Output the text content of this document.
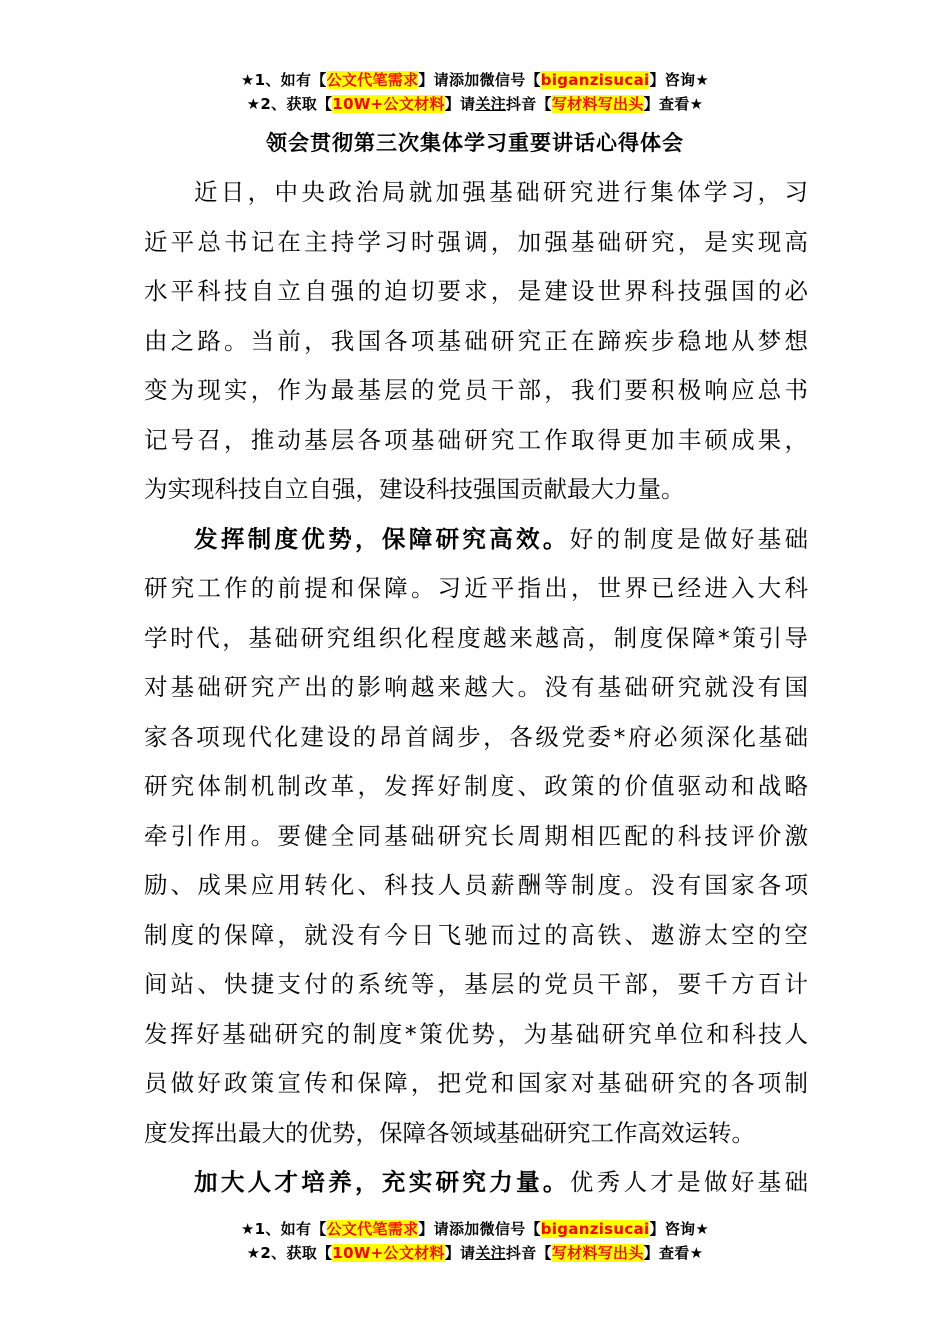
★1、如有【公文代笔需求】请添加微信号【biganzisucai】咨询★
★2、获取【10W+公文材料】请关注抖音【写材料写出头】查看★
领会贯彻第三次集体学习重要讲话心得体会
近日，中央政治局就加强基础研究进行集体学习，习
近平总书记在主持学习时强调，加强基础研究，是实现高
水平科技自立自强的迫切要求，是建设世界科技强国的必
由之路。当前，我国各项基础研究正在蹄疾步稳地从梦想
变为现实，作为最基层的党员干部，我们要积极响应总书
记号召，推动基层各项基础研究工作取得更加丰硕成果，
为实现科技自立自强，建设科技强国贡献最大力量。
发挥制度优势，保障研究高效。好的制度是做好基础
研究工作的前提和保障。习近平指出，世界已经进入大科
学时代，基础研究组织化程度越来越高，制度保障*策引导
对基础研究产出的影响越来越大。没有基础研究就没有国
家各项现代化建设的昂首阔步，各级党委*府必须深化基础
研究体制机制改革，发挥好制度、政策的价值驱动和战略
牵引作用。要健全同基础研究长周期相匹配的科技评价激
励、成果应用转化、科技人员薪酬等制度。没有国家各项
制度的保障，就没有今日飞驰而过的高铁、遨游太空的空
间站、快捷支付的系统等，基层的党员干部，要千方百计
发挥好基础研究的制度*策优势，为基础研究单位和科技人
员做好政策宣传和保障，把党和国家对基础研究的各项制
度发挥出最大的优势，保障各领域基础研究工作高效运转。
加大人才培养，充实研究力量。优秀人才是做好基础
★1、如有【公文代笔需求】请添加微信号【biganzisucai】咨询★
★2、获取【10W+公文材料】请关注抖音【写材料写出头】查看★
